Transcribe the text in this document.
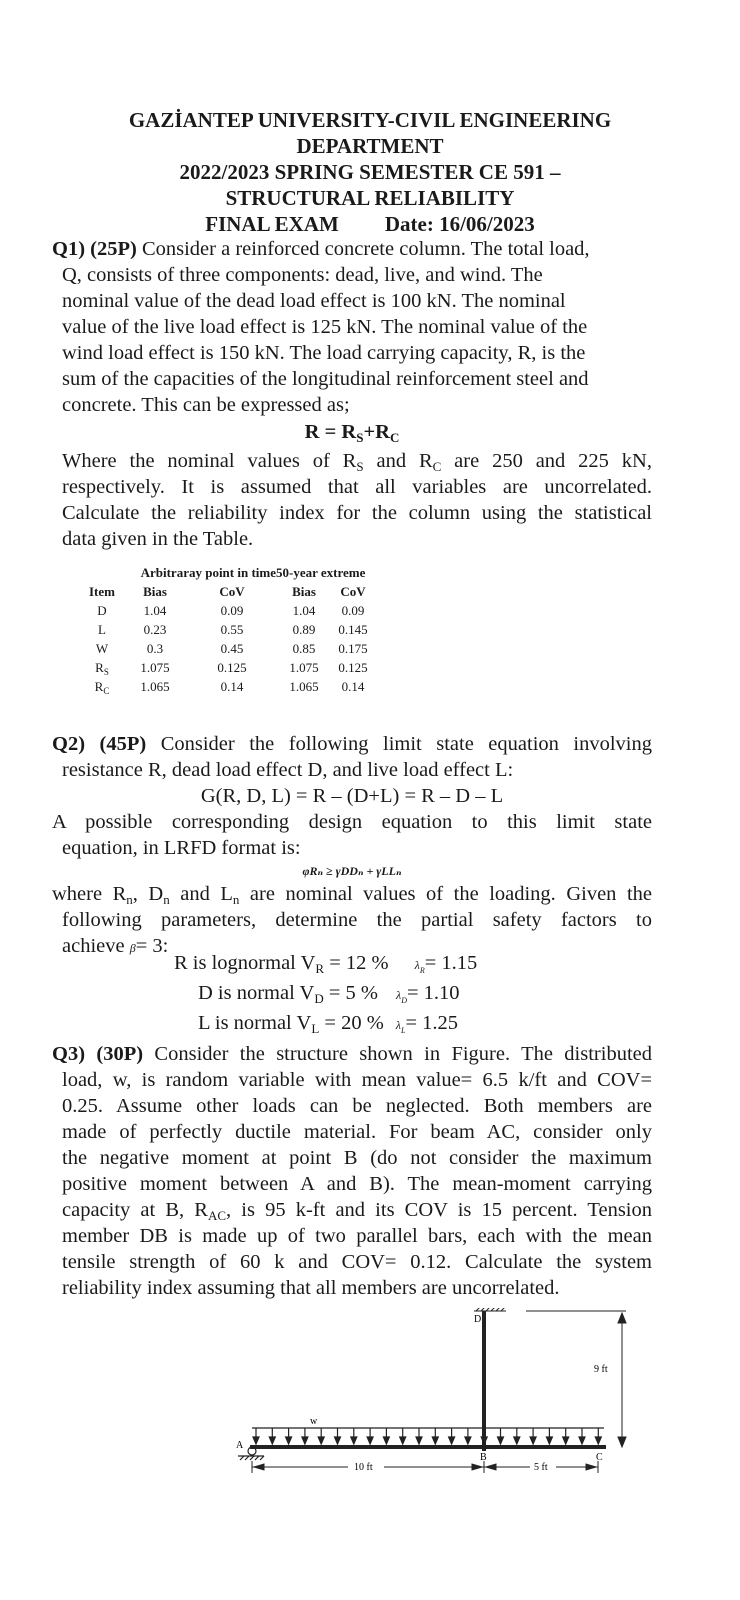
GAZİANTEP UNIVERSITY-CIVIL ENGINEERING
DEPARTMENT
2022/2023 SPRING SEMESTER CE 591 –
STRUCTURAL RELIABILITY
FINAL EXAM Date: 16/06/2023
Q1) (25P) Consider a reinforced concrete column. The total load,
Q, consists of three components: dead, live, and wind. The
nominal value of the dead load effect is 100 kN. The nominal
value of the live load effect is 125 kN. The nominal value of the
wind load effect is 150 kN. The load carrying capacity, R, is the
sum of the capacities of the longitudinal reinforcement steel and
concrete. This can be expressed as;
$R = R_S+R_C$
Where the nominal values of $R_S$ and $R_C$ are 250 and 225 kN,
respectively. It is assumed that all variables are uncorrelated.
Calculate the reliability index for the column using the statistical
data given in the Table.
	Arbitraray point in time		50-year extreme	
Item	Bias	CoV	Bias	CoV
D	1.04	0.09	1.04	0.09
L	0.23	0.55	0.89	0.145
W	0.3	0.45	0.85	0.175
$R_S$	1.075	0.125	1.075	0.125
$R_C$	1.065	0.14	1.065	0.14
Q2) (45P) Consider the following limit state equation involving
resistance R, dead load effect D, and live load effect L:
G(R, D, L) = R – (D+L) = R – D – L
A possible corresponding design equation to this limit state
equation, in LRFD format is:
φRₙ ≥ γDDₙ + γLLₙ
where $R_n$, $D_n$ and $L_n$ are nominal values of the loading. Given the
following parameters, determine the partial safety factors to
achieve β= 3:
R is lognormal $V_R = 12$ % $\lambda_R= 1.15$
D is normal $V_D = 5$ % $\lambda_D= 1.10$
L is normal $V_L = 20$ % $\lambda_L= 1.25$
Q3) (30P) Consider the structure shown in Figure. The distributed
load, w, is random variable with mean value= 6.5 k/ft and COV=
0.25. Assume other loads can be neglected. Both members are
made of perfectly ductile material. For beam AC, consider only
the negative moment at point B (do not consider the maximum
positive moment between A and B). The mean-moment carrying
capacity at B, $R_{AC}$, is 95 k-ft and its COV is 15 percent. Tension
member DB is made up of two parallel bars, each with the mean
tensile strength of 60 k and COV= 0.12. Calculate the system
reliability index assuming that all members are uncorrelated.
D
9 ft
w
A
B	C
10 ft	5 ft
